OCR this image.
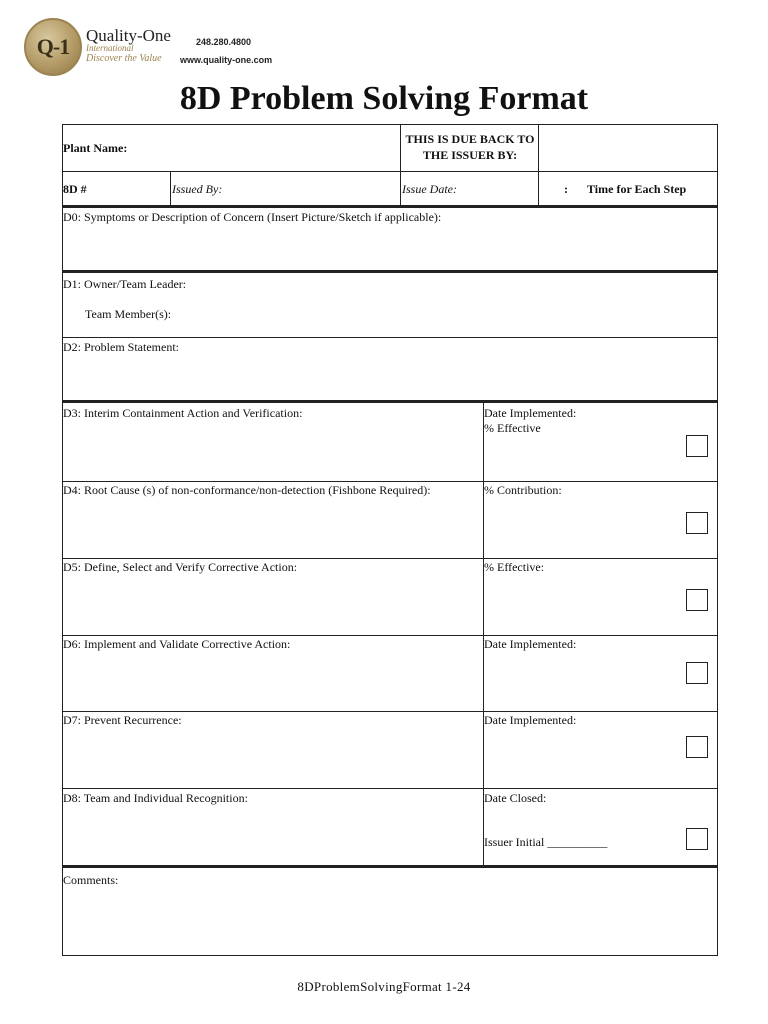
Q-1 Quality-One
International
Discover the Value
248.280.4800
www.quality-one.com
8D Problem Solving Format
Plant Name:
THIS IS DUE BACK TO THE ISSUER BY:
8D #	Issued By:	Issue Date:	: Time for Each Step
D0: Symptoms or Description of Concern (Insert Picture/Sketch if applicable):
D1: Owner/Team Leader:
Team Member(s):
D2: Problem Statement:
D3: Interim Containment Action and Verification:	Date Implemented:
% Effective
D4: Root Cause (s) of non-conformance/non-detection (Fishbone Required):	% Contribution:
D5: Define, Select and Verify Corrective Action:	% Effective:
D6: Implement and Validate Corrective Action:	Date Implemented:
D7: Prevent Recurrence:	Date Implemented:
D8: Team and Individual Recognition:	Date Closed:
Issuer Initial __________
Comments:
8DProblemSolvingFormat 1-24
